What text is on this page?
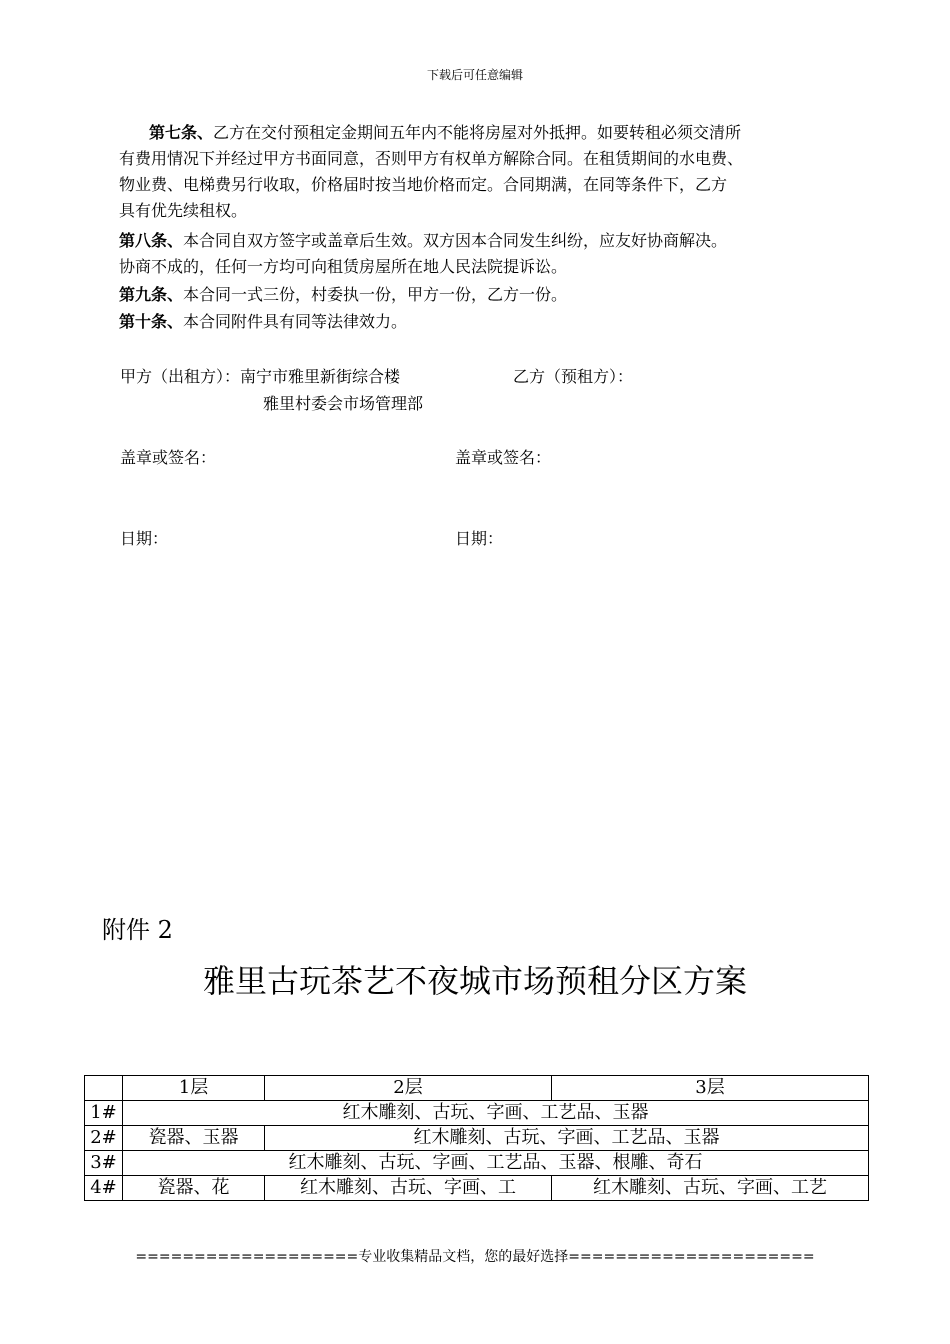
下载后可任意编辑
第七条、乙方在交付预租定金期间五年内不能将房屋对外抵押。如要转租必须交清所
有费用情况下并经过甲方书面同意，否则甲方有权单方解除合同。在租赁期间的水电费、
物业费、电梯费另行收取，价格届时按当地价格而定。合同期满，在同等条件下，乙方
具有优先续租权。
第八条、本合同自双方签字或盖章后生效。双方因本合同发生纠纷，应友好协商解决。
协商不成的，任何一方均可向租赁房屋所在地人民法院提诉讼。
第九条、本合同一式三份，村委执一份，甲方一份，乙方一份。
第十条、本合同附件具有同等法律效力。
甲方（出租方）：南宁市雅里新街综合楼
雅里村委会市场管理部
乙方（预租方）：
盖章或签名：	盖章或签名：
日期：	日期：
附件 2
雅里古玩茶艺不夜城市场预租分区方案
	1层	2层	3层
1#	红木雕刻、古玩、字画、工艺品、玉器		
2#	瓷器、玉器	红木雕刻、古玩、字画、工艺品、玉器	
3#	红木雕刻、古玩、字画、工艺品、玉器、根雕、奇石		
4#	瓷器、花	红木雕刻、古玩、字画、工	红木雕刻、古玩、字画、工艺
===================专业收集精品文档，您的最好选择=====================
